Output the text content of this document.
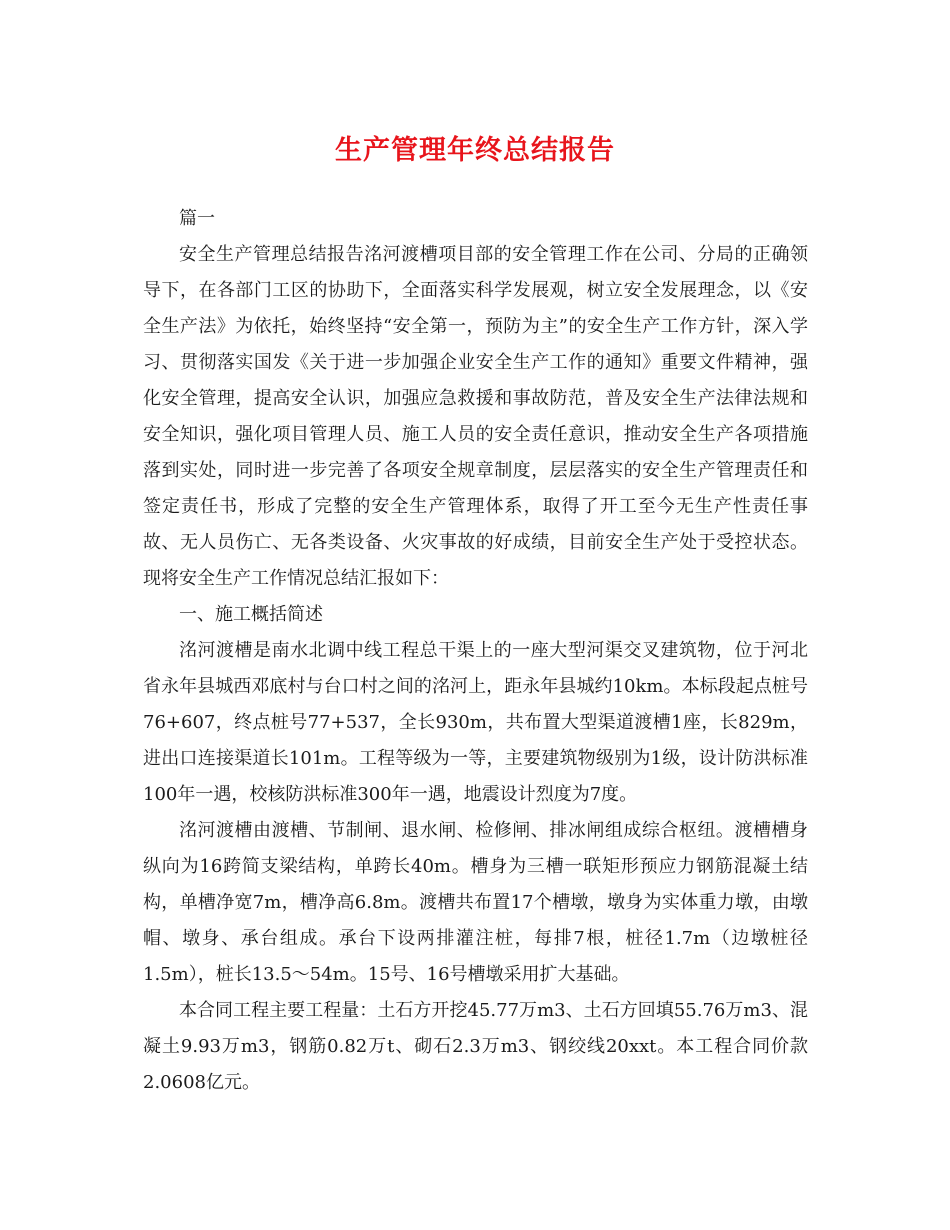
生产管理年终总结报告

篇一

安全生产管理总结报告洺河渡槽项目部的安全管理工作在公司、分局的正确领导下，在各部门工区的协助下，全面落实科学发展观，树立安全发展理念，以《安全生产法》为依托，始终坚持“安全第一，预防为主”的安全生产工作方针，深入学习、贯彻落实国发《关于进一步加强企业安全生产工作的通知》重要文件精神，强化安全管理，提高安全认识，加强应急救援和事故防范，普及安全生产法律法规和安全知识，强化项目管理人员、施工人员的安全责任意识，推动安全生产各项措施落到实处，同时进一步完善了各项安全规章制度，层层落实的安全生产管理责任和签定责任书，形成了完整的安全生产管理体系，取得了开工至今无生产性责任事故、无人员伤亡、无各类设备、火灾事故的好成绩，目前安全生产处于受控状态。现将安全生产工作情况总结汇报如下：

一、施工概括简述

洺河渡槽是南水北调中线工程总干渠上的一座大型河渠交叉建筑物，位于河北省永年县城西邓底村与台口村之间的洺河上，距永年县城约10km。本标段起点桩号76+607，终点桩号77+537，全长930m，共布置大型渠道渡槽1座，长829m，进出口连接渠道长101m。工程等级为一等，主要建筑物级别为1级，设计防洪标准100年一遇，校核防洪标准300年一遇，地震设计烈度为7度。

洺河渡槽由渡槽、节制闸、退水闸、检修闸、排冰闸组成综合枢纽。渡槽槽身纵向为16跨简支梁结构，单跨长40m。槽身为三槽一联矩形预应力钢筋混凝土结构，单槽净宽7m，槽净高6.8m。渡槽共布置17个槽墩，墩身为实体重力墩，由墩帽、墩身、承台组成。承台下设两排灌注桩，每排7根，桩径1.7m（边墩桩径1.5m），桩长13.5～54m。15号、16号槽墩采用扩大基础。

本合同工程主要工程量：土石方开挖45.77万m3、土石方回填55.76万m3、混凝土9.93万m3，钢筋0.82万t、砌石2.3万m3、钢绞线20xxt。本工程合同价款2.0608亿元。
